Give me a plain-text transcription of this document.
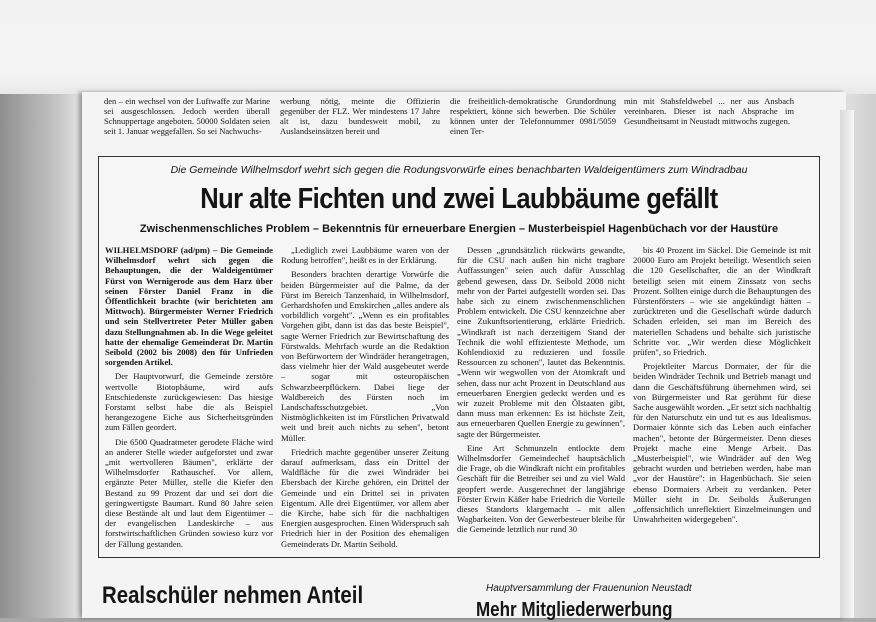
den – ein wechsel von der Luftwaffe zur Marine sei ausgeschlossen. Jedoch werden überall Schnuppertage angeboten. 50000 Soldaten seien seit 1. Januar weggefallen. So sei Nachwuchs-
werbung nötig, meinte die Offizierin gegenüber der FLZ. Wer mindestens 17 Jahre alt ist, dazu bundesweit mobil, zu Auslandseinsätzen bereit und
die freiheitlich-demokratische Grundordnung respektiert, könne sich bewerben. Die Schüler können unter der Telefonnummer 0981/5059 einen Ter-
min mit Stabsfeldwebel ... ner aus Ansbach vereinbaren. Dieser ist nach Absprache im Gesundheitsamt in Neustadt mittwochs zugegen.
Die Gemeinde Wilhelmsdorf wehrt sich gegen die Rodungsvorwürfe eines benachbarten Waldeigentümers zum Windradbau
Nur alte Fichten und zwei Laubbäume gefällt
Zwischenmenschliches Problem – Bekenntnis für erneuerbare Energien – Musterbeispiel Hagenbüchach vor der Haustüre

WILHELMSDORF (ad/pm) – Die Gemeinde Wilhelmsdorf wehrt sich gegen die Behauptungen, die der Waldeigentümer Fürst von Wernigerode aus dem Harz über seinen Förster Daniel Franz in die Öffentlichkeit brachte (wir berichteten am Mittwoch). Bürgermeister Werner Friedrich und sein Stellvertreter Peter Müller gaben dazu Stellungnahmen ab. In die Wege geleitet hatte der ehemalige Gemeinderat Dr. Martin Seibold (2002 bis 2008) den für Unfrieden sorgenden Artikel.

Der Hauptvorwurf, die Gemeinde zerstöre wertvolle Biotopbäume, wird aufs Entschiedenste zurückgewiesen: Das hiesige Forstamt selbst habe die als Beispiel herangezogene Eiche aus Sicherheitsgründen zum Fällen geordert.

Die 6500 Quadratmeter gerodete Fläche wird an anderer Stelle wieder aufgeforstet und zwar „mit wertvolleren Bäumen", erklärte der Wilhelmsdorfer Rathauschef. Vor allem, ergänzte Peter Müller, stelle die Kiefer den Bestand zu 99 Prozent dar und sei dort die geringwertigste Baumart. Rund 80 Jahre seien diese Bestände alt und laut dem Eigentümer – der evangelischen Landeskirche – aus forstwirtschaftlichen Gründen sowieso kurz vor der Fällung gestanden.

„Lediglich zwei Laubbäume waren von der Rodung betroffen", heißt es in der Erklärung.

Besonders brachten derartige Vorwürfe die beiden Bürgermeister auf die Palme, da der Fürst im Bereich Tanzenhaid, in Wilhelmsdorf, Gerhardshofen und Emskirchen „alles andere als vorbildlich vorgeht". „Wenn es ein profitables Vorgehen gibt, dann ist das das beste Beispiel", sagte Werner Friedrich zur Bewirtschaftung des Fürstwalds. Mehrfach wurde an die Redaktion von Befürwortern der Windräder herangetragen, dass vielmehr hier der Wald ausgebeutet werde – sogar mit osteuropäischen Schwarzbeerpflückern. Dabei liege der Waldbereich des Fürsten noch im Landschaftsschutzgebiet. „Von Nistmöglichkeiten ist im Fürstlichen Privatwald weit und breit auch nichts zu sehen", betont Müller.

Friedrich machte gegenüber unserer Zeitung darauf aufmerksam, dass ein Drittel der Waldfläche für die zwei Windräder bei Ebersbach der Kirche gehören, ein Drittel der Gemeinde und ein Drittel sei in privaten Eigentum. Alle drei Eigentümer, vor allem aber die Kirche, habe sich für die nachhaltigen Energien ausgesprochen. Einen Widerspruch sah Friedrich hier in der Position des ehemaligen Gemeinderats Dr. Martin Seibold.

Dessen „grundsätzlich rückwärts gewandte, für die CSU nach außen hin nicht tragbare Auffassungen" seien auch dafür Ausschlag gebend gewesen, dass Dr. Seibold 2008 nicht mehr von der Partei aufgestellt worden sei. Das habe sich zu einem zwischenmenschlichen Problem entwickelt. Die CSU kennzeichne aber eine Zukunftsorientierung, erklärte Friedrich. „Windkraft ist nach derzeitigem Stand der Technik die wohl effizienteste Methode, um Kohlendioxid zu reduzieren und fossile Ressourcen zu schonen", lautet das Bekenntnis. „Wenn wir wegwollen von der Atomkraft und sehen, dass nur acht Prozent in Deutschland aus erneuerbaren Energien gedeckt werden und es wir zuzeit Probleme mit den Ölstaaten gibt, dann muss man erkennen: Es ist höchste Zeit, aus erneuerbaren Quellen Energie zu gewinnen", sagte der Bürgermeister.

Eine Art Schmunzeln entlockte dem Wilhelmsdorfer Gemeindechef hauptsächlich die Frage, ob die Windkraft nicht ein profitables Geschäft für die Betreiber sei und zu viel Wald geopfert werde. Ausgerechnet der langjährige Förster Erwin Käßer habe Friedrich die Vorteile dieses Standorts klargemacht – mit allen Wagbarkeiten. Von der Gewerbesteuer bleibe für die Gemeinde letztlich nur rund 30

bis 40 Prozent im Säckel. Die Gemeinde ist mit 20000 Euro am Projekt beteiligt. Wesentlich seien die 120 Gesellschafter, die an der Windkraft beteiligt seien mit einem Zinssatz von sechs Prozent. Sollten einige durch die Behauptungen des Fürstenförsters – wie sie angekündigt hätten – zurücktreten und die Gesellschaft würde dadurch Schaden erleiden, sei man im Bereich des materiellen Schadens und behalte sich juristische Schritte vor. „Wir werden diese Möglichkeit prüfen", so Friedrich.

Projektleiter Marcus Dormaier, der für die beiden Windräder Technik und Betrieb managt und dann die Geschäftsführung übernehmen wird, sei von Bürgermeister und Rat gerühmt für diese Sache ausgewählt worden. „Er setzt sich nachhaltig für den Naturschutz ein und tut es aus Idealismus. Dormaier könnte sich das Leben auch einfacher machen", betonte der Bürgermeister. Denn dieses Projekt mache eine Menge Arbeit. Das „Musterbeispiel", wie Windräder auf den Weg gebracht wurden und betrieben werden, habe man „vor der Haustüre": in Hagenbüchach. Sie seien ebenso Dormaiers Arbeit zu verdanken. Peter Müller sieht in Dr. Seibolds Äußerungen „offensichtlich unreflektiert Einzelmeinungen und Unwahrheiten widergegeben".

Hauptversammlung der Frauenunion Neustadt
Realschüler nehmen Anteil
Mehr Mitgliederwerbung
